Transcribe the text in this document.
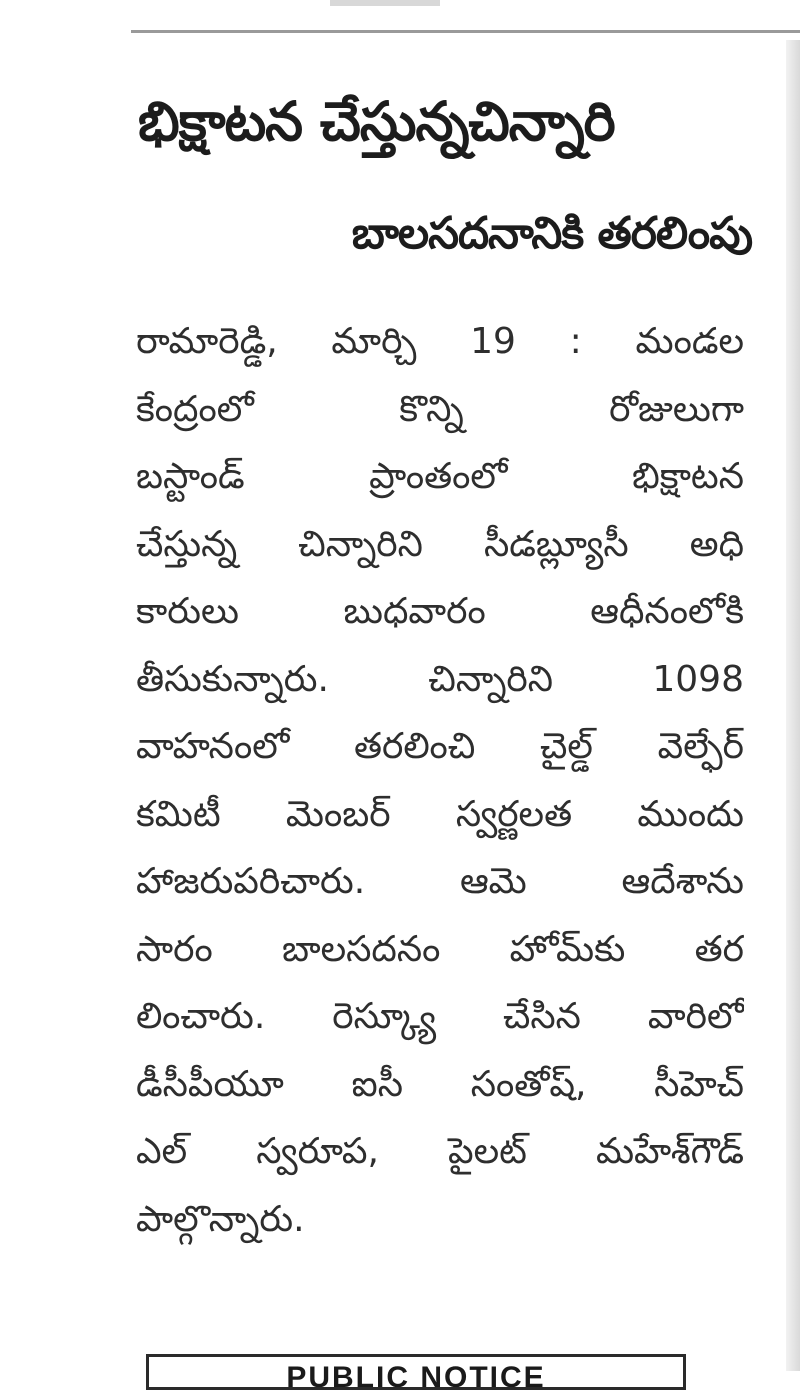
భిక్షాటన చేస్తున్నచిన్నారి
బాలసదనానికి తరలింపు
రామారెడ్డి, మార్చి 19 : మండల
కేంద్రంలో కొన్ని రోజులుగా
బస్టాండ్ ప్రాంతంలో భిక్షాటన
చేస్తున్న చిన్నారిని సీడబ్ల్యూసీ అధి
కారులు బుధవారం ఆధీనంలోకి
తీసుకున్నారు. చిన్నారిని 1098
వాహనంలో తరలించి చైల్డ్ వెల్ఫేర్
కమిటీ మెంబర్ స్వర్ణలత ముందు
హాజరుపరిచారు. ఆమె ఆదేశాను
సారం బాలసదనం హోమ్‌కు తర
లించారు. రెస్క్యూ చేసిన వారిలో
డీసీపీయూ ఐసీ సంతోష్, సీహెచ్
ఎల్ స్వరూప, పైలట్ మహేశ్‌గౌడ్
పాల్గొన్నారు.
PUBLIC NOTICE
